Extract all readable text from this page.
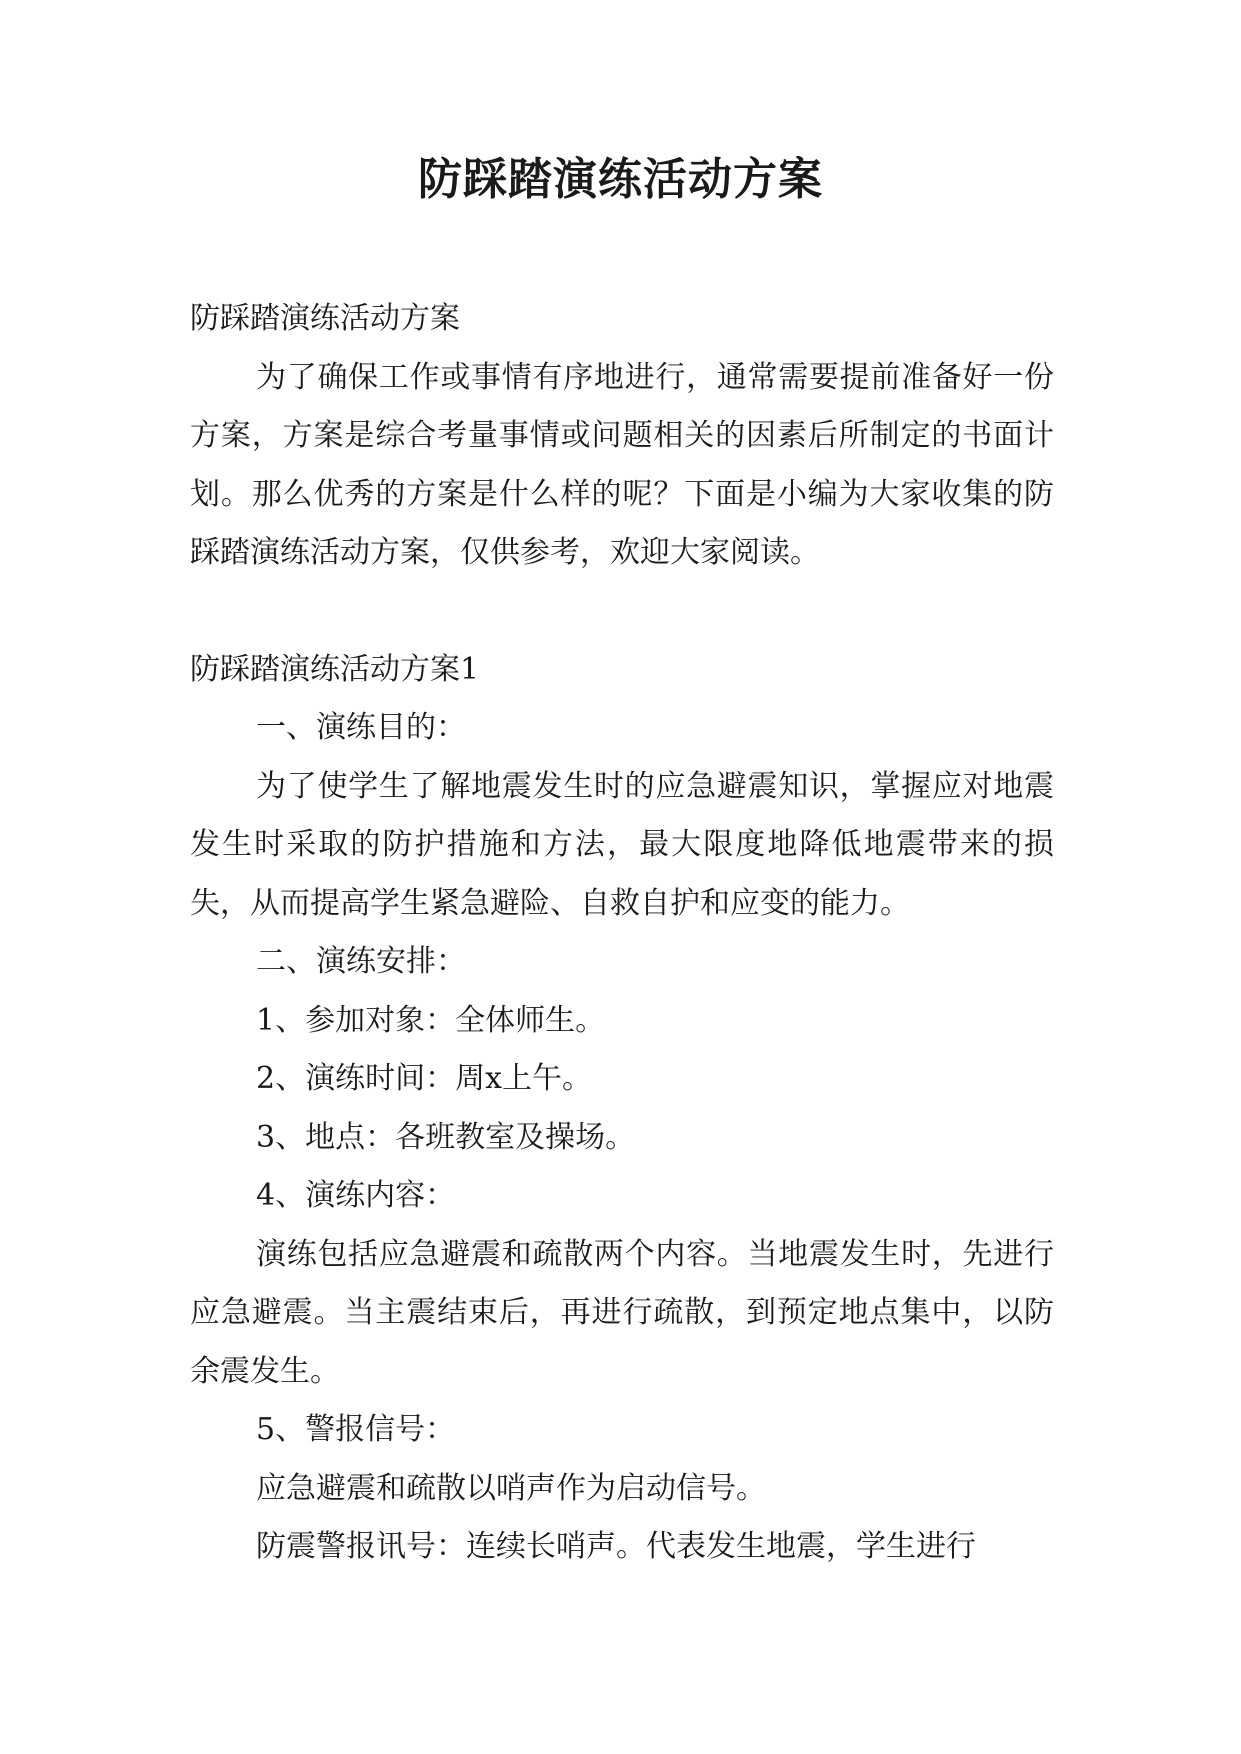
防踩踏演练活动方案

防踩踏演练活动方案

为了确保工作或事情有序地进行，通常需要提前准备好一份方案，方案是综合考量事情或问题相关的因素后所制定的书面计划。那么优秀的方案是什么样的呢？下面是小编为大家收集的防踩踏演练活动方案，仅供参考，欢迎大家阅读。

防踩踏演练活动方案1

一、演练目的：

为了使学生了解地震发生时的应急避震知识，掌握应对地震发生时采取的防护措施和方法，最大限度地降低地震带来的损失，从而提高学生紧急避险、自救自护和应变的能力。

二、演练安排：

1、参加对象：全体师生。

2、演练时间：周x上午。

3、地点：各班教室及操场。

4、演练内容：

演练包括应急避震和疏散两个内容。当地震发生时，先进行应急避震。当主震结束后，再进行疏散，到预定地点集中，以防余震发生。

5、警报信号：

应急避震和疏散以哨声作为启动信号。

防震警报讯号：连续长哨声。代表发生地震，学生进行
